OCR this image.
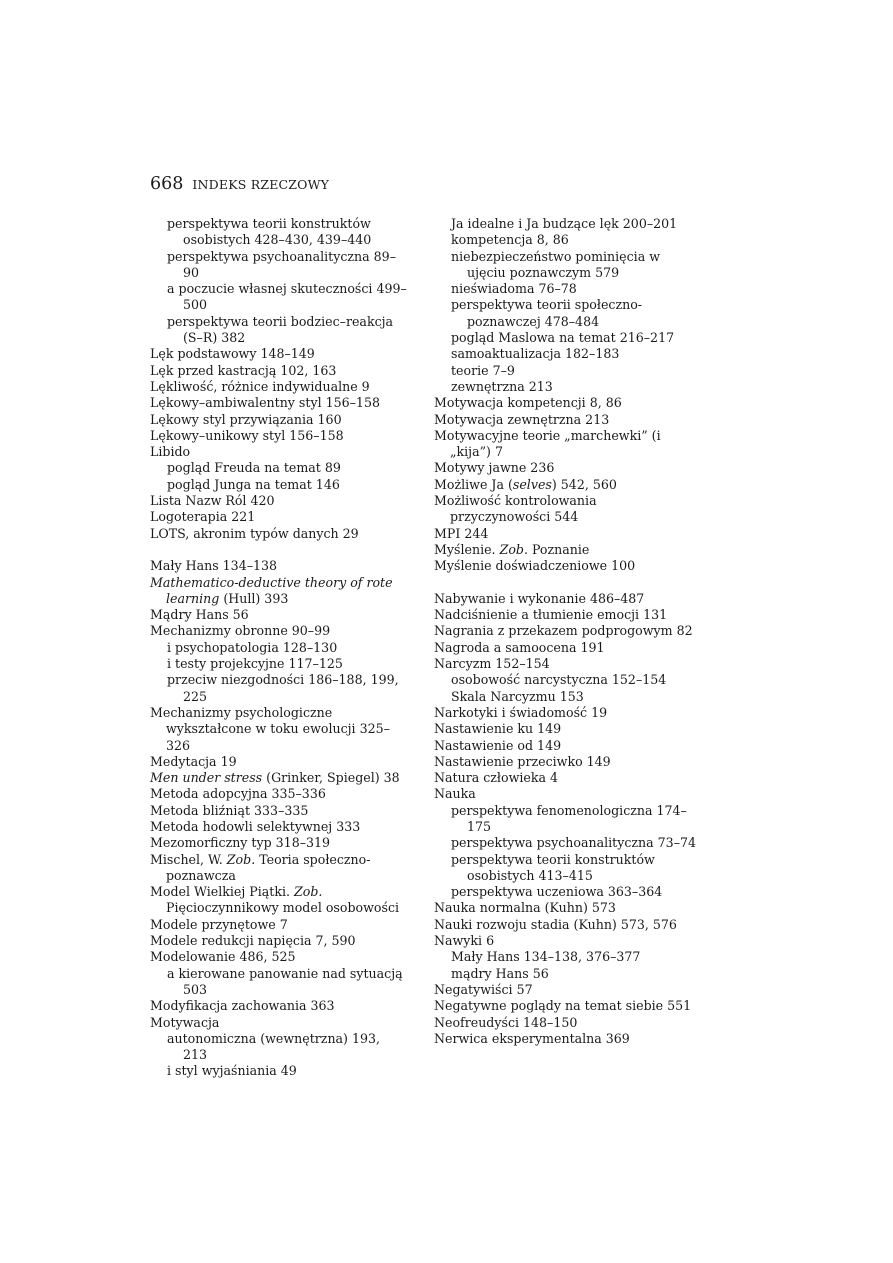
668 INDEKS RZECZOWY
perspektywa teorii konstruktów osobistych 428–430, 439–440
perspektywa psychoanalityczna 89–90
a poczucie własnej skuteczności 499–500
perspektywa teorii bodziec–reakcja (S–R) 382
Lęk podstawowy 148–149
Lęk przed kastracją 102, 163
Lękliwość, różnice indywidualne 9
Lękowy–ambiwalentny styl 156–158
Lękowy styl przywiązania 160
Lękowy–unikowy styl 156–158
Libido
pogląd Freuda na temat 89
pogląd Junga na temat 146
Lista Nazw Ról 420
Logoterapia 221
LOTS, akronim typów danych 29
Mały Hans 134–138
Mathematico-deductive theory of rote learning (Hull) 393
Mądry Hans 56
Mechanizmy obronne 90–99
i psychopatologia 128–130
i testy projekcyjne 117–125
przeciw niezgodności 186–188, 199, 225
Mechanizmy psychologiczne wykształcone w toku ewolucji 325–326
Medytacja 19
Men under stress (Grinker, Spiegel) 38
Metoda adopcyjna 335–336
Metoda bliźniąt 333–335
Metoda hodowli selektywnej 333
Mezomorficzny typ 318–319
Mischel, W. Zob. Teoria społeczno-poznawcza
Model Wielkiej Piątki. Zob. Pięcioczynnikowy model osobowości
Modele przynętowe 7
Modele redukcji napięcia 7, 590
Modelowanie 486, 525
a kierowane panowanie nad sytuacją 503
Modyfikacja zachowania 363
Motywacja
autonomiczna (wewnętrzna) 193, 213
i styl wyjaśniania 49
Ja idealne i Ja budzące lęk 200–201
kompetencja 8, 86
niebezpieczeństwo pominięcia w ujęciu poznawczym 579
nieświadoma 76–78
perspektywa teorii społeczno-poznawczej 478–484
pogląd Maslowa na temat 216–217
samoaktualizacja 182–183
teorie 7–9
zewnętrzna 213
Motywacja kompetencji 8, 86
Motywacja zewnętrzna 213
Motywacyjne teorie „marchewki” (i „kija”) 7
Motywy jawne 236
Możliwe Ja (selves) 542, 560
Możliwość kontrolowania przyczynowości 544
MPI 244
Myślenie. Zob. Poznanie
Myślenie doświadczeniowe 100
Nabywanie i wykonanie 486–487
Nadciśnienie a tłumienie emocji 131
Nagrania z przekazem podprogowym 82
Nagroda a samoocena 191
Narcyzm 152–154
osobowość narcystyczna 152–154
Skala Narcyzmu 153
Narkotyki i świadomość 19
Nastawienie ku 149
Nastawienie od 149
Nastawienie przeciwko 149
Natura człowieka 4
Nauka
perspektywa fenomenologiczna 174–175
perspektywa psychoanalityczna 73–74
perspektywa teorii konstruktów osobistych 413–415
perspektywa uczeniowa 363–364
Nauka normalna (Kuhn) 573
Nauki rozwoju stadia (Kuhn) 573, 576
Nawyki 6
Mały Hans 134–138, 376–377
mądry Hans 56
Negatywiści 57
Negatywne poglądy na temat siebie 551
Neofreudyści 148–150
Nerwica eksperymentalna 369
